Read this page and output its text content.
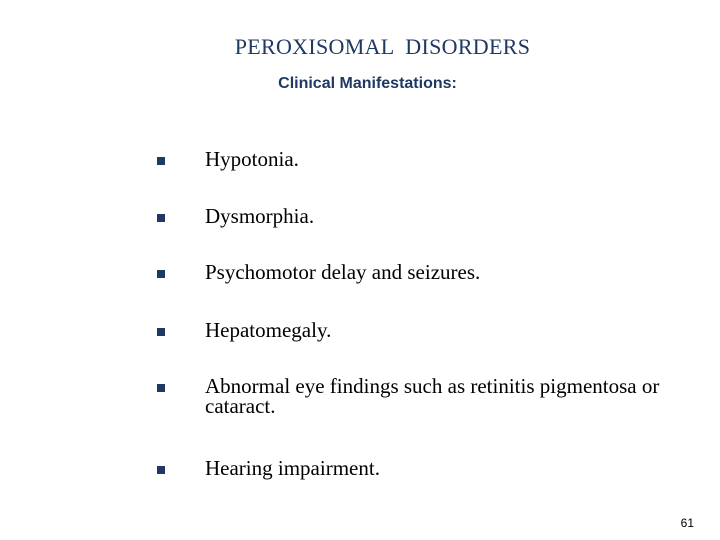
PEROXISOMAL  DISORDERS
Clinical Manifestations:
Hypotonia.
Dysmorphia.
Psychomotor delay and seizures.
Hepatomegaly.
Abnormal eye findings such as retinitis pigmentosa or cataract.
Hearing impairment.
61
